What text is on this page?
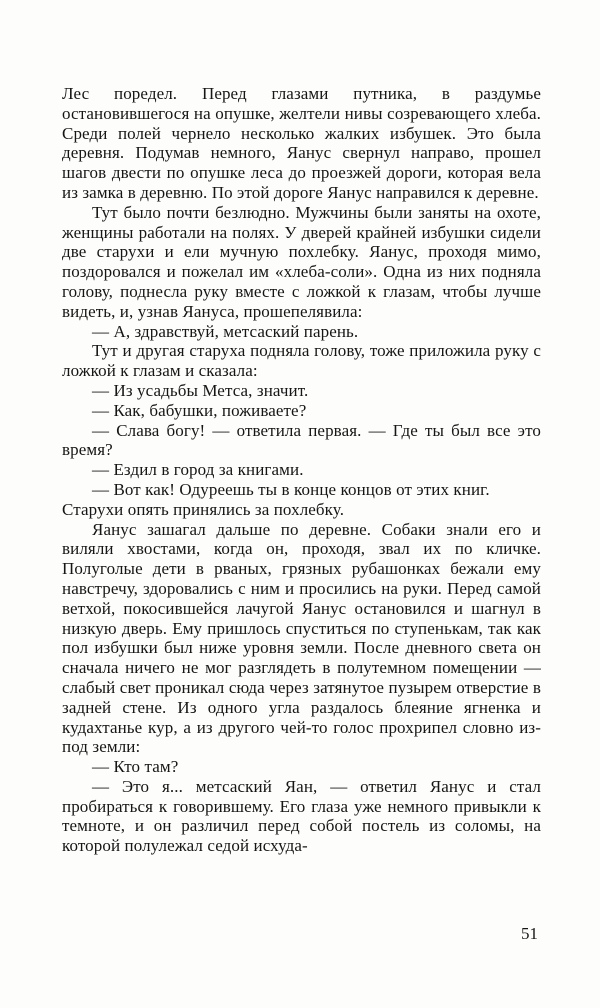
Лес поредел. Перед глазами путника, в раздумье остановившегося на опушке, желтели нивы созревающего хлеба. Среди полей чернело несколько жалких избушек. Это была деревня. Подумав немного, Яанус свернул направо, прошел шагов двести по опушке леса до проезжей дороги, которая вела из замка в деревню. По этой дороге Яанус направился к деревне.

Тут было почти безлюдно. Мужчины были заняты на охоте, женщины работали на полях. У дверей крайней избушки сидели две старухи и ели мучную похлебку. Яанус, проходя мимо, поздоровался и пожелал им «хлеба-соли». Одна из них подняла голову, поднесла руку вместе с ложкой к глазам, чтобы лучше видеть, и, узнав Яануса, прошепелявила:

— А, здравствуй, метсаский парень.

Тут и другая старуха подняла голову, тоже приложила руку с ложкой к глазам и сказала:

— Из усадьбы Метса, значит.

— Как, бабушки, поживаете?

— Слава богу! — ответила первая. — Где ты был все это время?

— Ездил в город за книгами.

— Вот как! Одуреешь ты в конце концов от этих книг.

Старухи опять принялись за похлебку.

Яанус зашагал дальше по деревне. Собаки знали его и виляли хвостами, когда он, проходя, звал их по кличке. Полуголые дети в рваных, грязных рубашонках бежали ему навстречу, здоровались с ним и просились на руки. Перед самой ветхой, покосившейся лачугой Яанус остановился и шагнул в низкую дверь. Ему пришлось спуститься по ступенькам, так как пол избушки был ниже уровня земли. После дневного света он сначала ничего не мог разглядеть в полутемном помещении — слабый свет проникал сюда через затянутое пузырем отверстие в задней стене. Из одного угла раздалось блеяние ягненка и кудахтанье кур, а из другого чей-то голос прохрипел словно из-под земли:

— Кто там?

— Это я... метсаский Яан, — ответил Яанус и стал пробираться к говорившему. Его глаза уже немного привыкли к темноте, и он различил перед собой постель из соломы, на которой полулежал седой исхуда-

51
